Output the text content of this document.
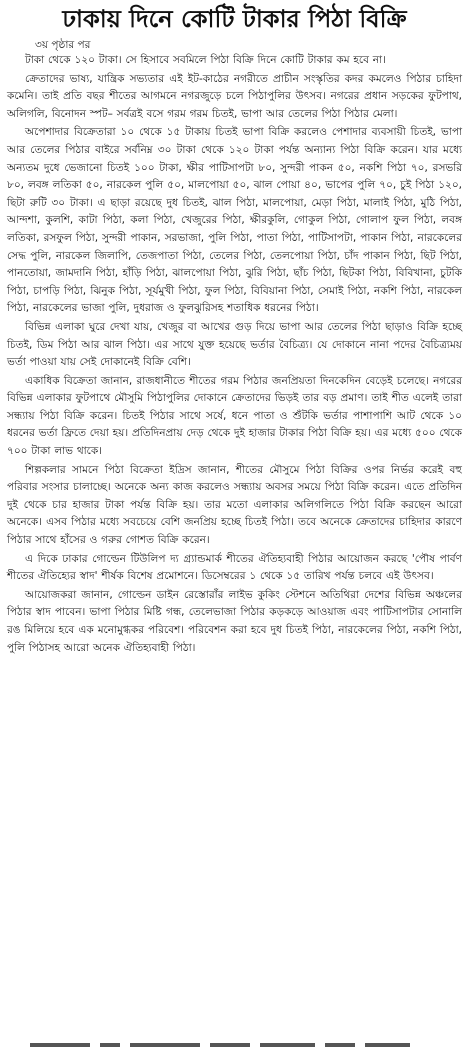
ঢাকায় দিনে কোটি টাকার পিঠা বিক্রি
৩য় পৃষ্ঠার পর

টাকা থেকে ১২০ টাকা। সে হিসাবে সবমিলে পিঠা বিক্রি দিনে কোটি টাকার কম হবে না।

ক্রেতাদের ভাষ্য, যান্ত্রিক সভ্যতার এই ইট-কাঠের নগরীতে প্রাচীন সংস্কৃতির কদর কমলেও পিঠার চাহিদা কমেনি। তাই প্রতি বছর শীতের আগমনে নগরজুড়ে চলে পিঠাপুলির উৎসব। নগরের প্রধান সড়কের ফুটপাথ, অলিগলি, বিনোদন স্পট– সর্বত্রই বসে গরম গরম চিতই, ভাপা আর তেলের পিঠা পিঠার মেলা।

অপেশাদার বিক্রেতারা ১০ থেকে ১৫ টাকায় চিতই ভাপা বিক্রি করলেও পেশাদার ব্যবসায়ী চিতই, ভাপা আর তেলের পিঠার বাইরে সর্বনিম্ন ৩০ টাকা থেকে ১২০ টাকা পর্যন্ত অন্যান্য পিঠা বিক্রি করেন। যার মধ্যে অন্যতম দুধে ভেজানো চিতই ১০০ টাকা, ক্ষীর পাটিসাপটা ৮০, সুন্দরী পাকন ৫০, নকশি পিঠা ৭০, রসভরি ৮০, লবঙ্গ লতিকা ৫০, নারকেল পুলি ৫০, মালপোয়া ৫০, ঝাল পোয়া ৪০, ভাপের পুলি ৭০, চুই পিঠা ১২০, ছিটা রুটি ৩০ টাকা। এ ছাড়া রয়েছে দুধ চিতই, ঝাল পিঠা, মালপোয়া, মেড়া পিঠা, মালাই পিঠা, মুঠি পিঠা, আন্দশা, কুলশি, কাটা পিঠা, কলা পিঠা, খেজুরের পিঠা, ক্ষীরকুলি, গোকুল পিঠা, গোলাপ ফুল পিঠা, লবঙ্গ লতিকা, রসফুল পিঠা, সুন্দরী পাকান, সরভাজা, পুলি পিঠা, পাতা পিঠা, পাটিসাপটা, পাকান পিঠা, নারকেলের সেদ্ধ পুলি, নারকেল জিলাপি, তেজপাতা পিঠা, তেলের পিঠা, তেলপোয়া পিঠা, চাঁদ পাকান পিঠা, ছিট পিঠা, পানতোয়া, জামদানি পিঠা, হাঁড়ি পিঠা, ঝালপোয়া পিঠা, ঝুরি পিঠা, ছাঁচ পিঠা, ছিটকা পিঠা, বিবিখানা, চুটকি পিঠা, চাপড়ি পিঠা, ঝিনুক পিঠা, সূর্যমুখী পিঠা, ফুল পিঠা, বিবিয়ানা পিঠা, সেমাই পিঠা, নকশি পিঠা, নারকেল পিঠা, নারকেলের ভাজা পুলি, দুধরাজ ও ফুলঝুরিসহ শতাধিক ধরনের পিঠা।

বিভিন্ন এলাকা ঘুরে দেখা যায়, খেজুর বা আখের গুড় দিয়ে ভাপা আর তেলের পিঠা ছাড়াও বিক্রি হচ্ছে চিতই, ডিম পিঠা আর ঝাল পিঠা। এর সাথে যুক্ত হয়েছে ভর্তার বৈচিত্র্য। যে দোকানে নানা পদের বৈচিত্র্যময় ভর্তা পাওয়া যায় সেই দোকানেই বিক্রি বেশি।

একাধিক বিক্রেতা জানান, রাজধানীতে শীতের গরম পিঠার জনপ্রিয়তা দিনকেদিন বেড়েই চলেছে। নগরের বিভিন্ন এলাকার ফুটপাথে মৌসুমি পিঠাপুলির দোকানে ক্রেতাদের ভিড়ই তার বড় প্রমাণ। তাই শীত এলেই তারা সন্ধ্যায় পিঠা বিক্রি করেন। চিতই পিঠার সাথে সর্ষে, ধনে পাতা ও শুঁটকি ভর্তার পাশাপাশি আট থেকে ১০ ধরনের ভর্তা ফ্রিতে দেয়া হয়। প্রতিদিনপ্রায় দেড় থেকে দুই হাজার টাকার পিঠা বিক্রি হয়। এর মধ্যে ৫০০ থেকে ৭০০ টাকা লাভ থাকে।

শিল্পকলার সামনে পিঠা বিক্রেতা ইদ্রিস জানান, শীতের মৌসুমে পিঠা বিক্রির ওপর নির্ভর করেই বহু পরিবার সংসার চালাচ্ছে। অনেকে অন্য কাজ করলেও সন্ধ্যায় অবসর সময়ে পিঠা বিক্রি করেন। এতে প্রতিদিন দুই থেকে চার হাজার টাকা পর্যন্ত বিক্রি হয়। তার মতো এলাকার অলিগলিতে পিঠা বিক্রি করছেন আরো অনেকে। এসব পিঠার মধ্যে সবচেয়ে বেশি জনপ্রিয় হচ্ছে চিতই পিঠা। তবে অনেকে ক্রেতাদের চাহিদার কারণে পিঠার সাথে হাঁসের ও গরুর গোশত বিক্রি করেন।

এ দিকে ঢাকার গোল্ডেন টিউলিপ দ্য গ্র্যান্ডমার্ক শীতের ঐতিহ্যবাহী পিঠার আয়োজন করছে 'পৌষ পার্বণ শীতের ঐতিহ্যের স্বাদ' শীর্ষক বিশেষ প্রমোশনে। ডিসেম্বরের ১ থেকে ১৫ তারিখ পর্যন্ত চলবে এই উৎসব।

আয়োজকরা জানান, গোল্ডেন ডাইন রেস্তোরাঁর লাইভ কুকিং স্টেশনে অতিথিরা দেশের বিভিন্ন অঞ্চলের পিঠার স্বাদ পাবেন। ভাপা পিঠার মিষ্টি গন্ধ, তেলেভাজা পিঠার কড়কড়ে আওয়াজ এবং পাটিসাপটার সোনালি রঙ মিলিয়ে হবে এক মনোমুগ্ধকর পরিবেশ। পরিবেশন করা হবে দুধ চিতই পিঠা, নারকেলের পিঠা, নকশি পিঠা, পুলি পিঠাসহ আরো অনেক ঐতিহ্যবাহী পিঠা।
